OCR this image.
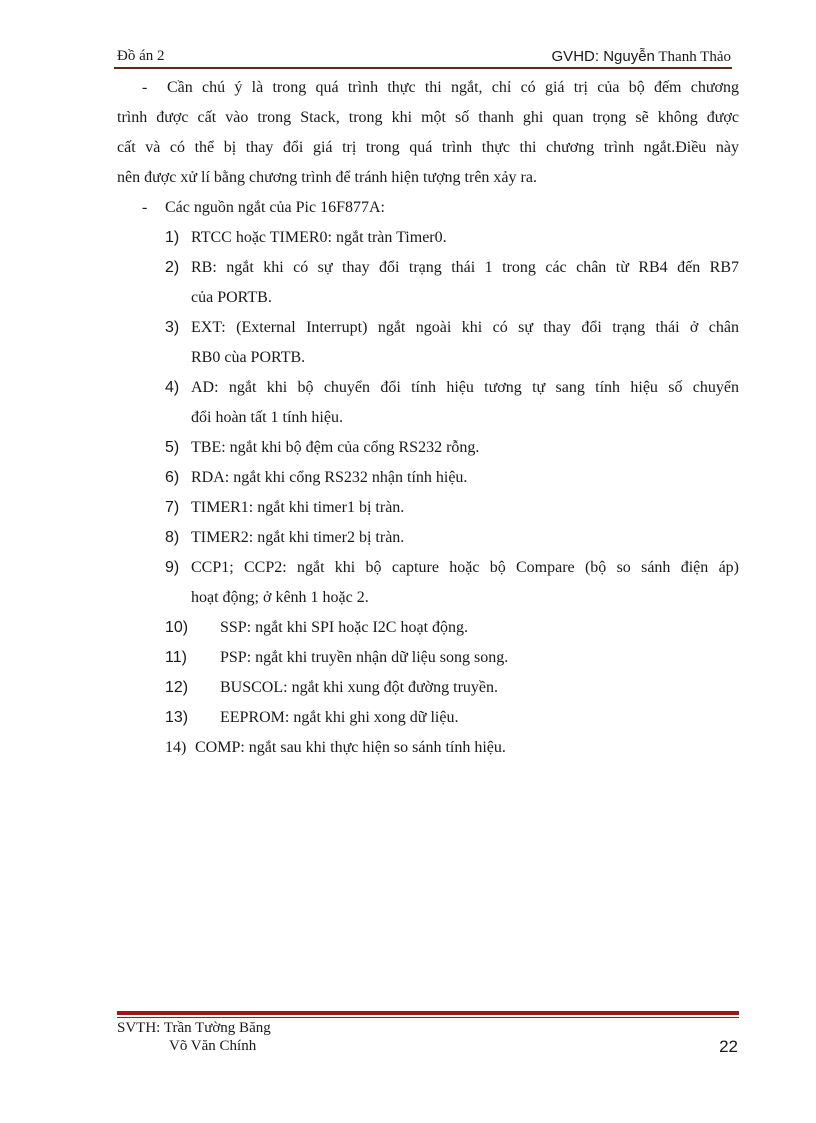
Đồ án 2	GVHD: Nguyễn Thanh Thảo
- Cần chú ý là trong quá trình thực thi ngắt, chỉ có giá trị của bộ đếm chương
trình được cất vào trong Stack, trong khi một số thanh ghi quan trọng sẽ không được
cất và có thể bị thay đổi giá trị trong quá trình thực thi chương trình ngắt.Điều này
nên được xử lí bằng chương trình để tránh hiện tượng trên xảy ra.
- Các nguồn ngắt của Pic 16F877A:
1) RTCC hoặc TIMER0: ngắt tràn Timer0.
2) RB: ngắt khi có sự thay đổi trạng thái 1 trong các chân từ RB4 đến RB7
của PORTB.
3) EXT: (External Interrupt) ngắt ngoài khi có sự thay đổi trạng thái ở chân
RB0 cùa PORTB.
4) AD: ngắt khi bộ chuyển đổi tính hiệu tương tự sang tính hiệu số chuyển
đổi hoàn tất 1 tính hiệu.
5) TBE: ngắt khi bộ đệm của cổng RS232 rỗng.
6) RDA: ngắt khi cổng RS232 nhận tính hiệu.
7) TIMER1: ngắt khi timer1 bị tràn.
8) TIMER2: ngắt khi timer2 bị tràn.
9) CCP1; CCP2: ngắt khi bộ capture hoặc bộ Compare (bộ so sánh điện áp)
hoạt động; ở kênh 1 hoặc 2.
10) SSP: ngắt khi SPI hoặc I2C hoạt động.
11) PSP: ngắt khi truyền nhận dữ liệu song song.
12) BUSCOL: ngắt khi xung đột đường truyền.
13) EEPROM: ngắt khi ghi xong dữ liệu.
14) COMP: ngắt sau khi thực hiện so sánh tính hiệu.
SVTH: Trần Tường Băng
Võ Văn Chính	22
